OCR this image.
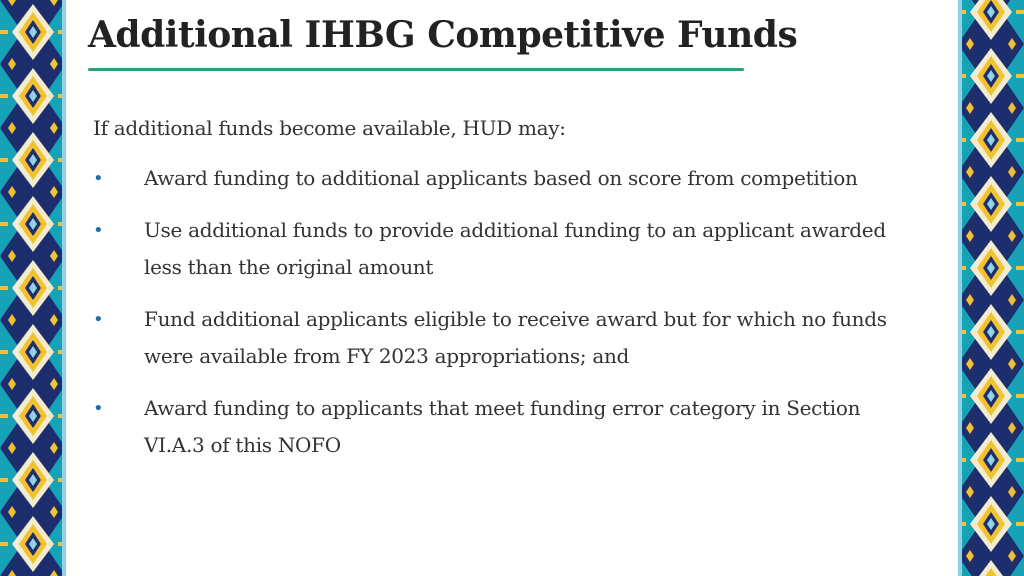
Additional IHBG Competitive Funds
If additional funds become available, HUD may:
• Award funding to additional applicants based on score from competition
• Use additional funds to provide additional funding to an applicant awarded less than the original amount
• Fund additional applicants eligible to receive award but for which no funds were available from FY 2023 appropriations; and
• Award funding to applicants that meet funding error category in Section VI.A.3 of this NOFO
